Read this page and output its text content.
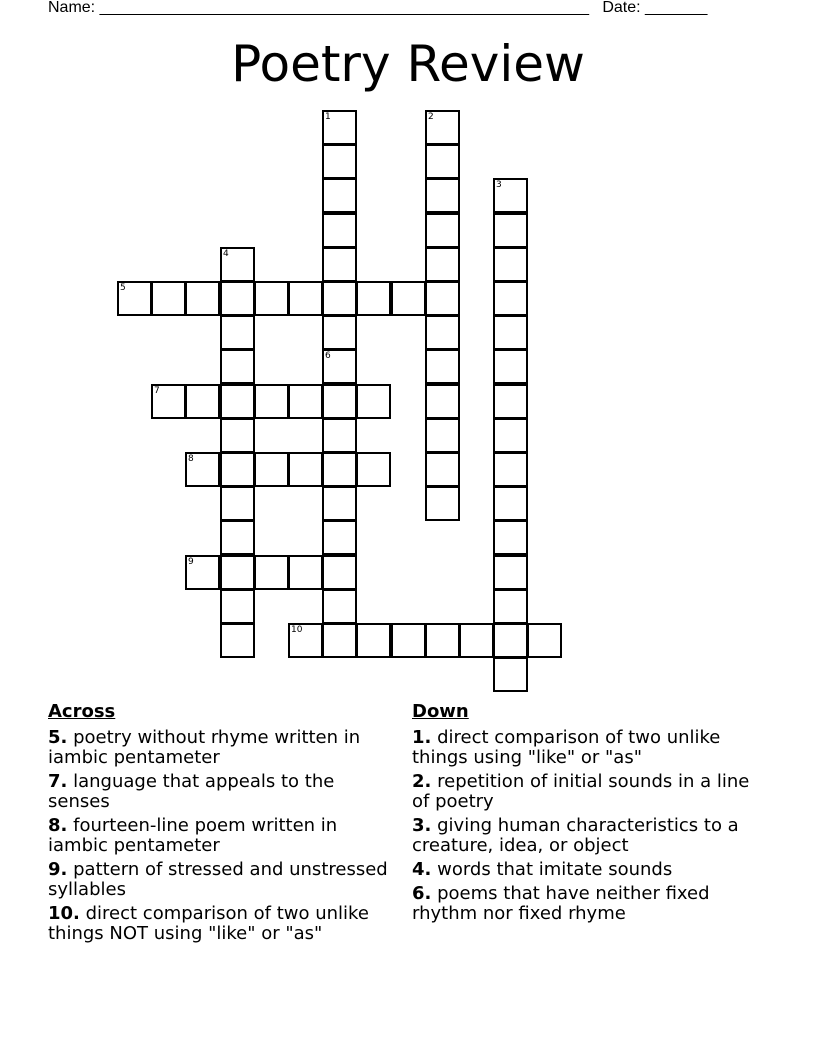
Name: _______________________________________________________ Date: _______
Poetry Review
1
6
2
3
4
5
7
8
9
10
Across
5. poetry without rhyme written in iambic pentameter
7. language that appeals to the senses
8. fourteen-line poem written in iambic pentameter
9. pattern of stressed and unstressed syllables
10. direct comparison of two unlike things NOT using "like" or "as"
Down
1. direct comparison of two unlike things using "like" or "as"
2. repetition of initial sounds in a line of poetry
3. giving human characteristics to a creature, idea, or object
4. words that imitate sounds
6. poems that have neither fixed rhythm nor fixed rhyme
